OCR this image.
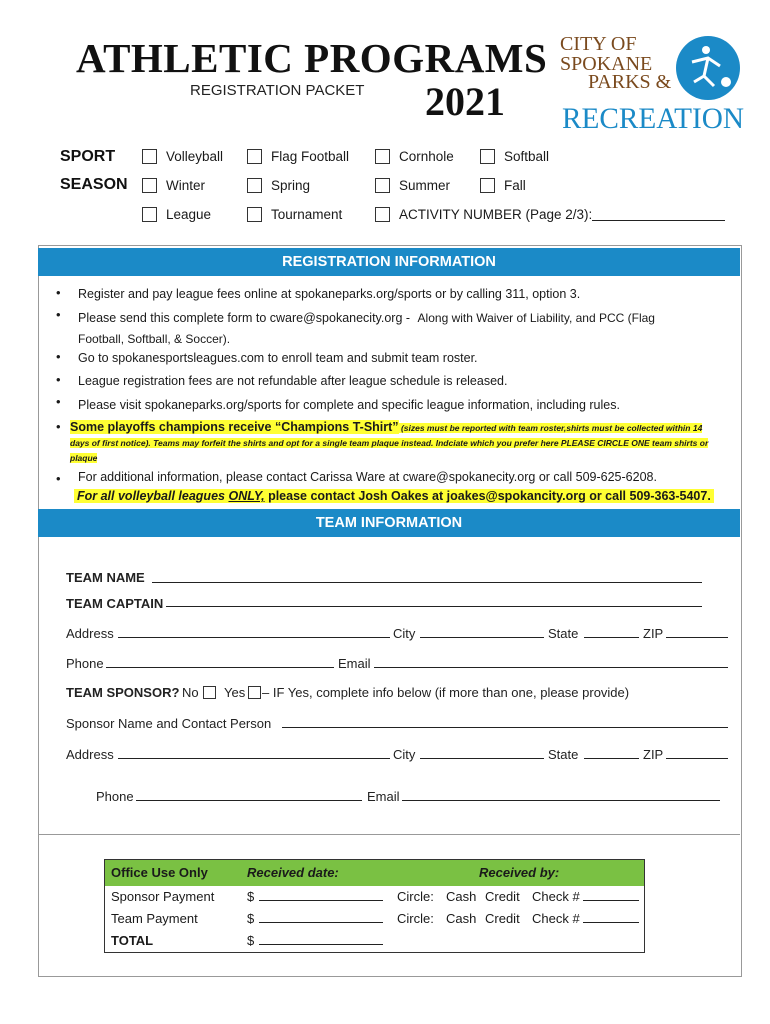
ATHLETIC PROGRAMS
REGISTRATION PACKET 2021
CITY OF
SPOKANE
PARKS &
RECREATION
SPORT
SEASON
Volleyball	Flag Football	Cornhole	Softball
Winter	Spring	Summer	Fall
League	Tournament	ACTIVITY NUMBER (Page 2/3):
REGISTRATION INFORMATION
• Register and pay league fees online at spokaneparks.org/sports or by calling 311, option 3.
• Please send this complete form to cware@spokanecity.org - Along with Waiver of Liability, and PCC (Flag
Football, Softball, & Soccer).
• Go to spokanesportsleagues.com to enroll team and submit team roster.
• League registration fees are not refundable after league schedule is released.
• Please visit spokaneparks.org/sports for complete and specific league information, including rules.
• Some playoffs champions receive “Champions T-Shirt” (sizes must be reported with team roster,shirts must be collected within 14
days of first notice). Teams may forfeit the shirts and opt for a single team plaque instead. Indciate which you prefer here PLEASE CIRCLE ONE team shirts or
plaque
• For additional information, please contact Carissa Ware at cware@spokanecity.org or call 509-625-6208.
For all volleyball leagues ONLY, please contact Josh Oakes at joakes@spokancity.org or call 509-363-5407.
TEAM INFORMATION
TEAM NAME
TEAM CAPTAIN
Address	City	State	ZIP
Phone	Email
TEAM SPONSOR? No Yes – IF Yes, complete info below (if more than one, please provide)
Sponsor Name and Contact Person
Address	City	State	ZIP
Phone	Email
Office Use Only	Received date:	Received by:
Sponsor Payment	$	Circle: Cash Credit Check #
Team Payment	$	Circle: Cash Credit Check #
TOTAL	$
